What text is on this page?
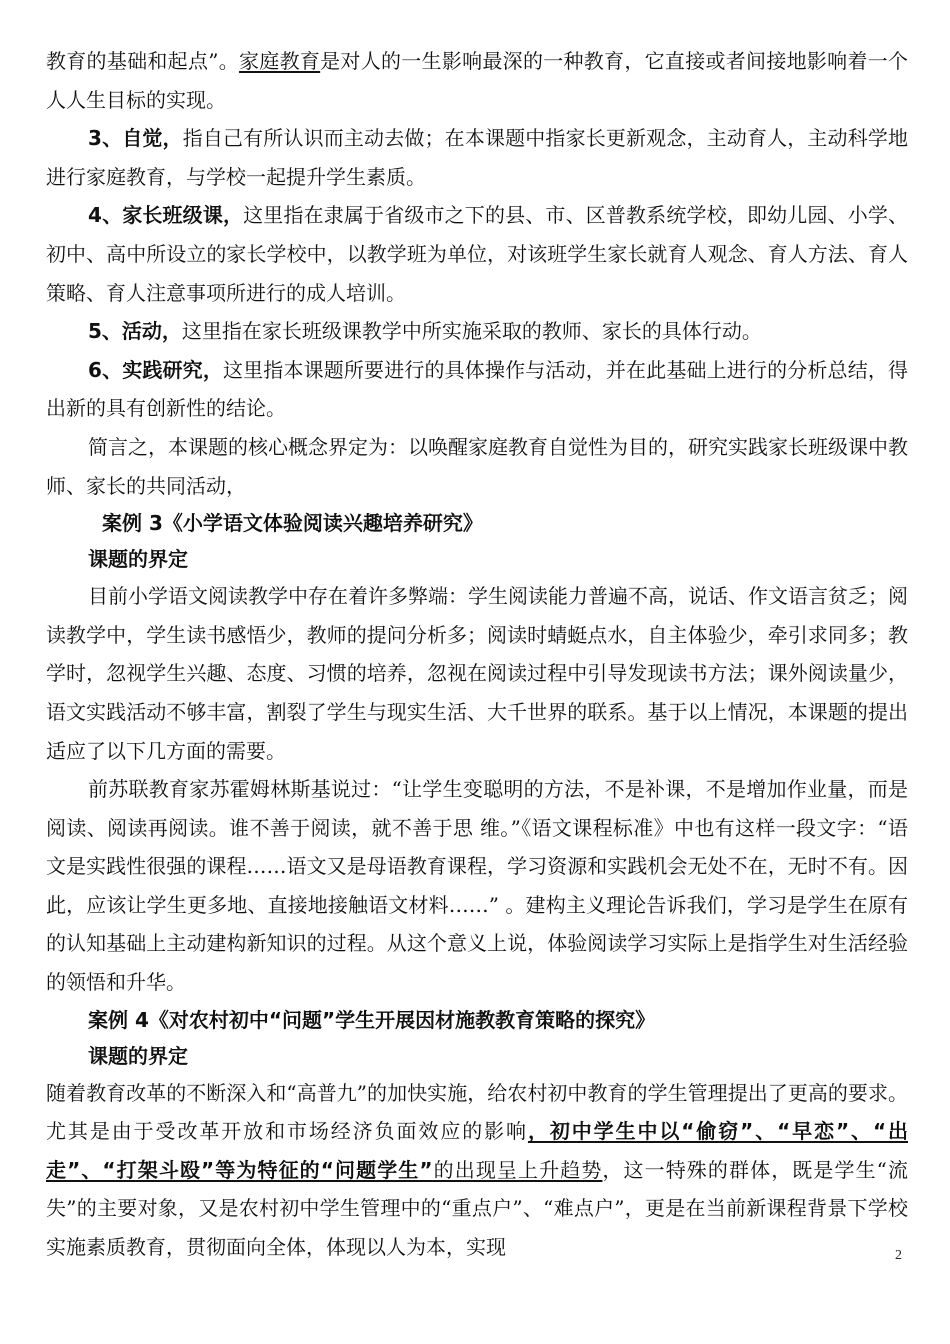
教育的基础和起点”。家庭教育是对人的一生影响最深的一种教育，它直接或者间接地影响着一个人人生目标的实现。

3、自觉，指自己有所认识而主动去做；在本课题中指家长更新观念，主动育人，主动科学地进行家庭教育，与学校一起提升学生素质。

4、家长班级课，这里指在隶属于省级市之下的县、市、区普教系统学校，即幼儿园、小学、初中、高中所设立的家长学校中，以教学班为单位，对该班学生家长就育人观念、育人方法、育人策略、育人注意事项所进行的成人培训。

5、活动，这里指在家长班级课教学中所实施采取的教师、家长的具体行动。

6、实践研究，这里指本课题所要进行的具体操作与活动，并在此基础上进行的分析总结，得出新的具有创新性的结论。

简言之，本课题的核心概念界定为：以唤醒家庭教育自觉性为目的，研究实践家长班级课中教师、家长的共同活动，

案例 3《小学语文体验阅读兴趣培养研究》

课题的界定

目前小学语文阅读教学中存在着许多弊端：学生阅读能力普遍不高，说话、作文语言贫乏；阅读教学中，学生读书感悟少，教师的提问分析多；阅读时蜻蜓点水，自主体验少，牵引求同多；教学时，忽视学生兴趣、态度、习惯的培养，忽视在阅读过程中引导发现读书方法；课外阅读量少，语文实践活动不够丰富，割裂了学生与现实生活、大千世界的联系。基于以上情况，本课题的提出适应了以下几方面的需要。

前苏联教育家苏霍姆林斯基说过：“让学生变聪明的方法，不是补课，不是增加作业量，而是阅读、阅读再阅读。谁不善于阅读，就不善于思 维。”《语文课程标准》中也有这样一段文字：“语文是实践性很强的课程……语文又是母语教育课程，学习资源和实践机会无处不在，无时不有。因此，应该让学生更多地、直接地接触语文材料……” 。建构主义理论告诉我们，学习是学生在原有的认知基础上主动建构新知识的过程。从这个意义上说，体验阅读学习实际上是指学生对生活经验的领悟和升华。

案例 4《对农村初中“问题”学生开展因材施教教育策略的探究》

课题的界定

随着教育改革的不断深入和“高普九”的加快实施，给农村初中教育的学生管理提出了更高的要求。尤其是由于受改革开放和市场经济负面效应的影响，初中学生中以“偷窃”、“早恋”、“出走”、“打架斗殴”等为特征的“问题学生”的出现呈上升趋势，这一特殊的群体，既是学生“流失”的主要对象，又是农村初中学生管理中的“重点户”、“难点户”，更是在当前新课程背景下学校实施素质教育，贯彻面向全体，体现以人为本，实现	2
